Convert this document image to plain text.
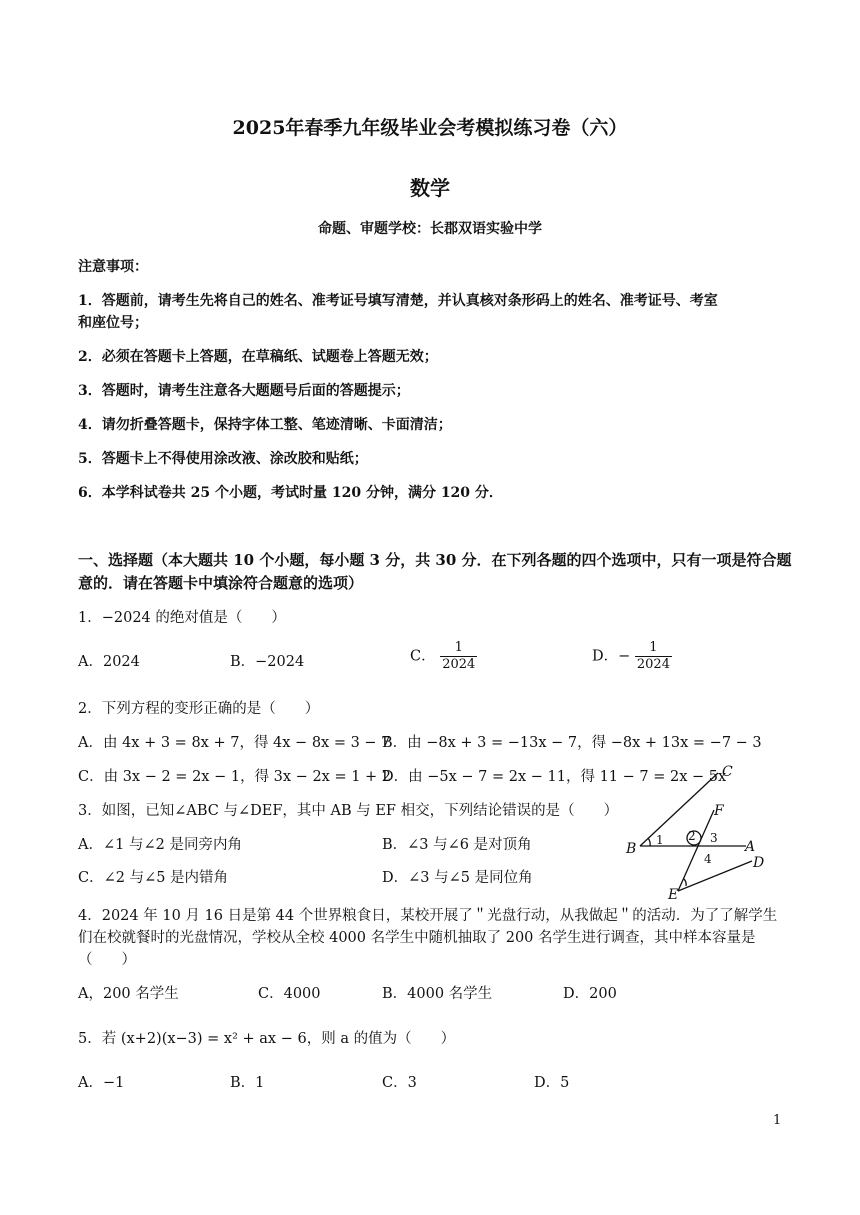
2025年春季九年级毕业会考模拟练习卷（六）
数学
命题、审题学校：长郡双语实验中学
注意事项：
1．答题前，请考生先将自己的姓名、准考证号填写清楚，并认真核对条形码上的姓名、准考证号、考室
和座位号；
2．必须在答题卡上答题，在草稿纸、试题卷上答题无效；
3．答题时，请考生注意各大题题号后面的答题提示；
4．请勿折叠答题卡，保持字体工整、笔迹清晰、卡面清洁；
5．答题卡上不得使用涂改液、涂改胶和贴纸；
6．本学科试卷共 25 个小题，考试时量 120 分钟，满分 120 分．
一、选择题（本大题共 10 个小题，每小题 3 分，共 30 分．在下列各题的四个选项中，只有一项是符合题
意的．请在答题卡中填涂符合题意的选项）
1．−2024 的绝对值是（　　）
A．2024	B．−2024	C． $\frac{1}{2024}$	D．− $\frac{1}{2024}$
2．下列方程的变形正确的是（　　）
A．由 4x + 3 = 8x + 7，得 4x − 8x = 3 − 7
B．由 −8x + 3 = −13x − 7，得 −8x + 13x = −7 − 3
C．由 3x − 2 = 2x − 1，得 3x − 2x = 1 + 2
D．由 −5x − 7 = 2x − 11，得 11 − 7 = 2x − 5x
3．如图，已知∠ABC 与∠DEF，其中 AB 与 EF 相交，下列结论错误的是（　　）
A．∠1 与∠2 是同旁内角	B．∠3 与∠6 是对顶角
C．∠2 与∠5 是内错角	D．∠3 与∠5 是同位角
C
F
B	A
D
E
1 2 3
4
4．2024 年 10 月 16 日是第 44 个世界粮食日，某校开展了＂光盘行动，从我做起＂的活动．为了了解学生
们在校就餐时的光盘情况，学校从全校 4000 名学生中随机抽取了 200 名学生进行调查，其中样本容量是
（　　）
A，200 名学生	C．4000	B．4000 名学生	D．200
5．若 (x+2)(x−3) = x² + ax − 6，则 a 的值为（　　）
A．−1	B．1	C．3	D．5
1
